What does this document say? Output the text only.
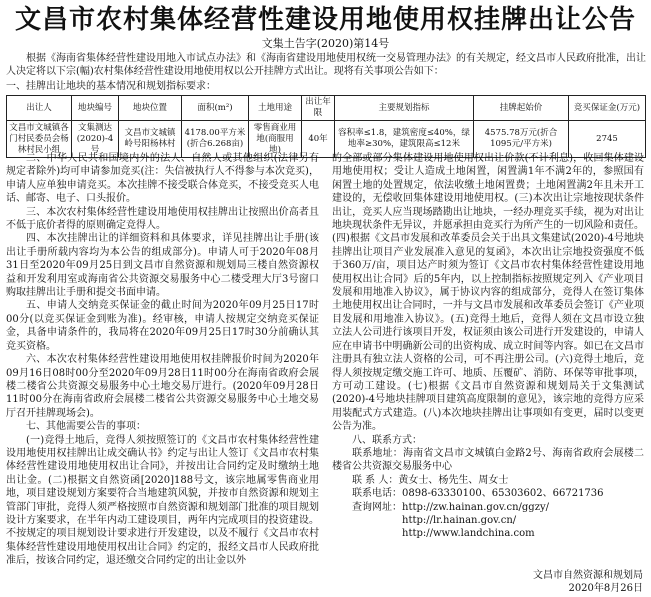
文昌市农村集体经营性建设用地使用权挂牌出让公告
文集土告字(2020)第14号
根据《海南省集体经营性建设用地入市试点办法》和《海南省建设用地使用权统一交易管理办法》的有关规定，经文昌市人民政府批准，出让人决定将以下宗(幅)农村集体经营性建设用地使用权以公开挂牌方式出让。现将有关事项公告如下：
一、挂牌出让地块的基本情况和规划指标要求：
出让人	地块编号	地块位置	面积(m²)	土地用途	出让年限	主要规划指标	挂牌起始价	竞买保证金(万元)
文昌市文城镇各门村民委员会杨林村民小组	文集测达(2020)-4号	文昌市文城镇岭号阳杨林村	4178.00平方米(折合6.268亩)	零售商业用地(商服用地)	40年	容积率≤1.8，建筑密度≤40%，绿地率≥30%，建筑限高≤12米	4575.78万元(折合1095元/平方米)	2745

二、中华人民共和国境内外的法人、自然人或其他组织(法律另有规定者除外)均可申请参加竞买(注：失信被执行人不得参与本次竞买)，申请人应单独申请竞买。本次挂牌不接受联合体竞买，不接受竞买人电话、邮寄、电子、口头报价。

三、本次农村集体经营性建设用地使用权挂牌出让按照出价高者且不低于底价者得的原则确定竞得人。

四、本次挂牌出让的详细资料和具体要求，详见挂牌出让手册(该出让手册所载内容均为本公告的组成部分)。申请人可于2020年08月31日至2020年09月25日到文昌市自然资源和规划局三楼自然资源权益和开发利用室或海南省公共资源交易服务中心二楼受理大厅3号窗口购取挂牌出让手册和提交书面申请。

五、申请人交纳竞买保证金的截止时间为2020年09月25日17时00分(以竞买保证金到账为准)。经审核，申请人按规定交纳竞买保证金，具备申请条件的，我局将在2020年09月25日17时30分前确认其竞买资格。

六、本次农村集体经营性建设用地使用权挂牌报价时间为2020年09月16日08时00分至2020年09月28日11时00分在海南省政府会展楼二楼省公共资源交易服务中心土地交易厅进行。(2020年09月28日11时00分在海南省政府会展楼二楼省公共资源交易服务中心土地交易厅召开挂牌现场会)。

七、其他需要公告的事项：

(一)竞得土地后，竞得人须按照签订的《文昌市农村集体经营性建设用地使用权挂牌出让成交确认书》约定与出让人签订《文昌市农村集体经营性建设用地使用权出让合同》，并按出让合同约定及时缴纳土地出让金。(二)根据文自然资函[2020]188号文，该宗地属零售商业用地，项目建设规划方案要符合当地建筑风貌，并按市自然资源和规划主管部门审批，竞得人须严格按照市自然资源和规划部门批准的项目规划设计方案要求，在半年内动工建设项目，两年内完成项目的投资建设。不按规定的项目规划设计要求进行开发建设，以及不履行《文昌市农村集体经营性建设用地使用权出让合同》约定的，报经文昌市人民政府批准后，按该合同约定，退还缴交合同约定的出让金以外

的全部或部分集体建设用地使用权出让价款(不计利息)，收回集体建设用地使用权；受让人造成土地闲置，闲置满1年不满2年的，参照国有闲置土地的处置规定，依法收缴土地闲置费；土地闲置满2年且未开工建设的，无偿收回集体建设用地使用权。(三)本次出让宗地按现状条件出让，竞买人应当现场踏勘出让地块，一经办理竞买手续，视为对出让地块现状条件无异议，并愿承担由竞买行为所产生的一切风险和责任。(四)根据《文昌市发展和改革委员会关于出具文集建试(2020)-4号地块挂牌出让项目产业发展准入意见的复函》，本次出让宗地投资强度不低于360万/亩，项目达产时须为签订《文昌市农村集体经营性建设用地使用权出让合同》后的5年内，以上控制指标按照规定列入《产业项目发展和用地准入协议》，属于协议内容的组成部分，竞得人在签订集体土地使用权出让合同时，一并与文昌市发展和改革委员会签订《产业项目发展和用地准入协议》。(五)竞得土地后，竞得人须在文昌市设立独立法人公司进行该项目开发，权证须由该公司进行开发建设的，申请人应在申请书中明确新公司的出资构成、成立时间等内容。如已在文昌市注册具有独立法人资格的公司，可不再注册公司。(六)竞得土地后，竞得人须按规定缴交施工许可、地质、压覆矿、消防、环保等审批事项，方可动工建设。(七)根据《文昌市自然资源和规划局关于文集测试(2020)-4号地块挂牌项目建筑高度限制的意见》，该宗地的竞得方应采用装配式方式建造。(八)本次地块挂牌出让事项如有变更，届时以变更公告为准。

八、联系方式：

联系地址：海南省文昌市文城镇白金路2号、海南省政府会展楼二楼省公共资源交易服务中心

联 系 人：黄女士、杨先生、周女士

联系电话：0898-63330100、65303602、66721736

查询网址：http://zw.hainan.gov.cn/ggzy/

http://lr.hainan.gov.cn/

http://www.landchina.com

文昌市自然资源和规划局
2020年8月26日
